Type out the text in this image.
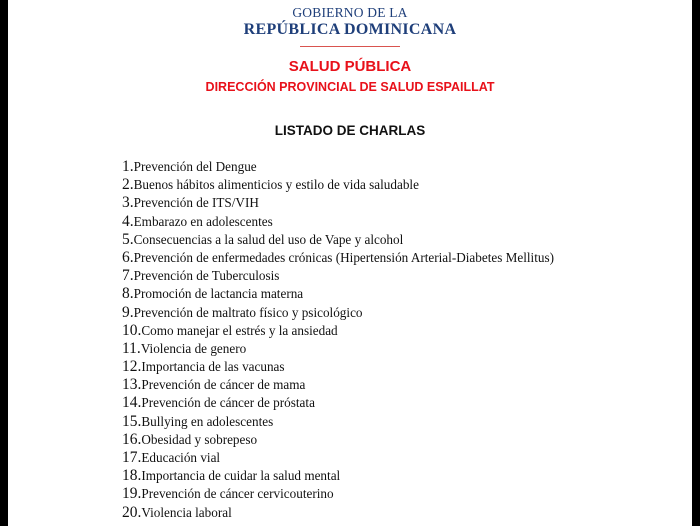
GOBIERNO DE LA
REPÚBLICA DOMINICANA
SALUD PÚBLICA
DIRECCIÓN PROVINCIAL DE SALUD ESPAILLAT
LISTADO DE CHARLAS
1. Prevención del Dengue
2. Buenos hábitos alimenticios y estilo de vida saludable
3. Prevención de ITS/VIH
4. Embarazo en adolescentes
5. Consecuencias a la salud del uso de Vape y alcohol
6. Prevención de enfermedades crónicas (Hipertensión Arterial-Diabetes Mellitus)
7. Prevención de Tuberculosis
8. Promoción de lactancia materna
9. Prevención de maltrato físico y psicológico
10. Como manejar el estrés y la ansiedad
11. Violencia de genero
12. Importancia de las vacunas
13. Prevención de cáncer de mama
14. Prevención de cáncer de próstata
15. Bullying en adolescentes
16. Obesidad y sobrepeso
17. Educación vial
18. Importancia de cuidar la salud mental
19. Prevención de cáncer cervicouterino
20. Violencia laboral
